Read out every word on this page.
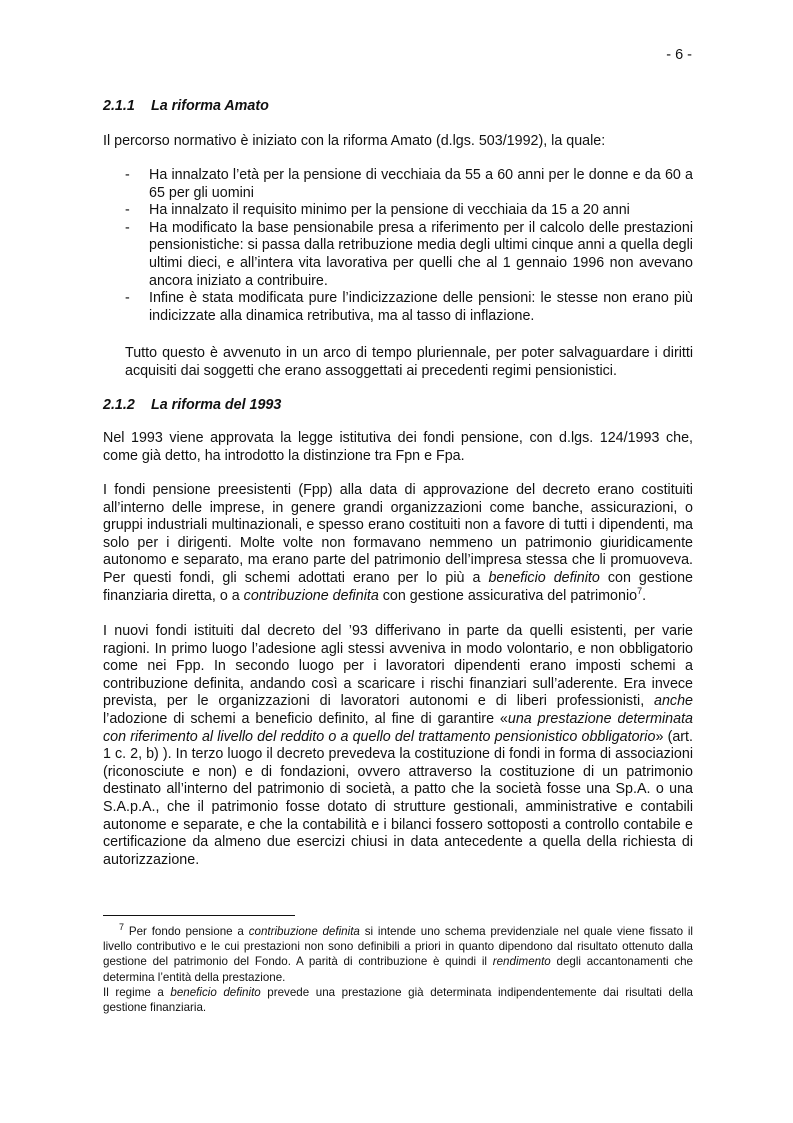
- 6 -
2.1.1 La riforma Amato

Il percorso normativo è iniziato con la riforma Amato (d.lgs. 503/1992), la quale:

- Ha innalzato l’età per la pensione di vecchiaia da 55 a 60 anni per le donne e da 60 a 65 per gli uomini
- Ha innalzato il requisito minimo per la pensione di vecchiaia da 15 a 20 anni
- Ha modificato la base pensionabile presa a riferimento per il calcolo delle prestazioni pensionistiche: si passa dalla retribuzione media degli ultimi cinque anni a quella degli ultimi dieci, e all’intera vita lavorativa per quelli che al 1 gennaio 1996 non avevano ancora iniziato a contribuire.
- Infine è stata modificata pure l’indicizzazione delle pensioni: le stesse non erano più indicizzate alla dinamica retributiva, ma al tasso di inflazione.

Tutto questo è avvenuto in un arco di tempo pluriennale, per poter salvaguardare i diritti acquisiti dai soggetti che erano assoggettati ai precedenti regimi pensionistici.

2.1.2 La riforma del 1993

Nel 1993 viene approvata la legge istitutiva dei fondi pensione, con d.lgs. 124/1993 che, come già detto, ha introdotto la distinzione tra Fpn e Fpa.

I fondi pensione preesistenti (Fpp) alla data di approvazione del decreto erano costituiti all’interno delle imprese, in genere grandi organizzazioni come banche, assicurazioni, o gruppi industriali multinazionali, e spesso erano costituiti non a favore di tutti i dipendenti, ma solo per i dirigenti. Molte volte non formavano nemmeno un patrimonio giuridicamente autonomo e separato, ma erano parte del patrimonio dell’impresa stessa che li promuoveva. Per questi fondi, gli schemi adottati erano per lo più a beneficio definito con gestione finanziaria diretta, o a contribuzione definita con gestione assicurativa del patrimonio$^7$.

I nuovi fondi istituiti dal decreto del ’93 differivano in parte da quelli esistenti, per varie ragioni. In primo luogo l’adesione agli stessi avveniva in modo volontario, e non obbligatorio come nei Fpp. In secondo luogo per i lavoratori dipendenti erano imposti schemi a contribuzione definita, andando così a scaricare i rischi finanziari sull’aderente. Era invece prevista, per le organizzazioni di lavoratori autonomi e di liberi professionisti, anche l’adozione di schemi a beneficio definito, al fine di garantire «una prestazione determinata con riferimento al livello del reddito o a quello del trattamento pensionistico obbligatorio» (art. 1 c. 2, b) ). In terzo luogo il decreto prevedeva la costituzione di fondi in forma di associazioni (riconosciute e non) e di fondazioni, ovvero attraverso la costituzione di un patrimonio destinato all’interno del patrimonio di società, a patto che la società fosse una Sp.A. o una S.A.p.A., che il patrimonio fosse dotato di strutture gestionali, amministrative e contabili autonome e separate, e che la contabilità e i bilanci fossero sottoposti a controllo contabile e certificazione da almeno due esercizi chiusi in data antecedente a quella della richiesta di autorizzazione.

$^7$ Per fondo pensione a contribuzione definita si intende uno schema previdenziale nel quale viene fissato il livello contributivo e le cui prestazioni non sono definibili a priori in quanto dipendono dal risultato ottenuto dalla gestione del patrimonio del Fondo. A parità di contribuzione è quindi il rendimento degli accantonamenti che determina l’entità della prestazione.

Il regime a beneficio definito prevede una prestazione già determinata indipendentemente dai risultati della gestione finanziaria.
